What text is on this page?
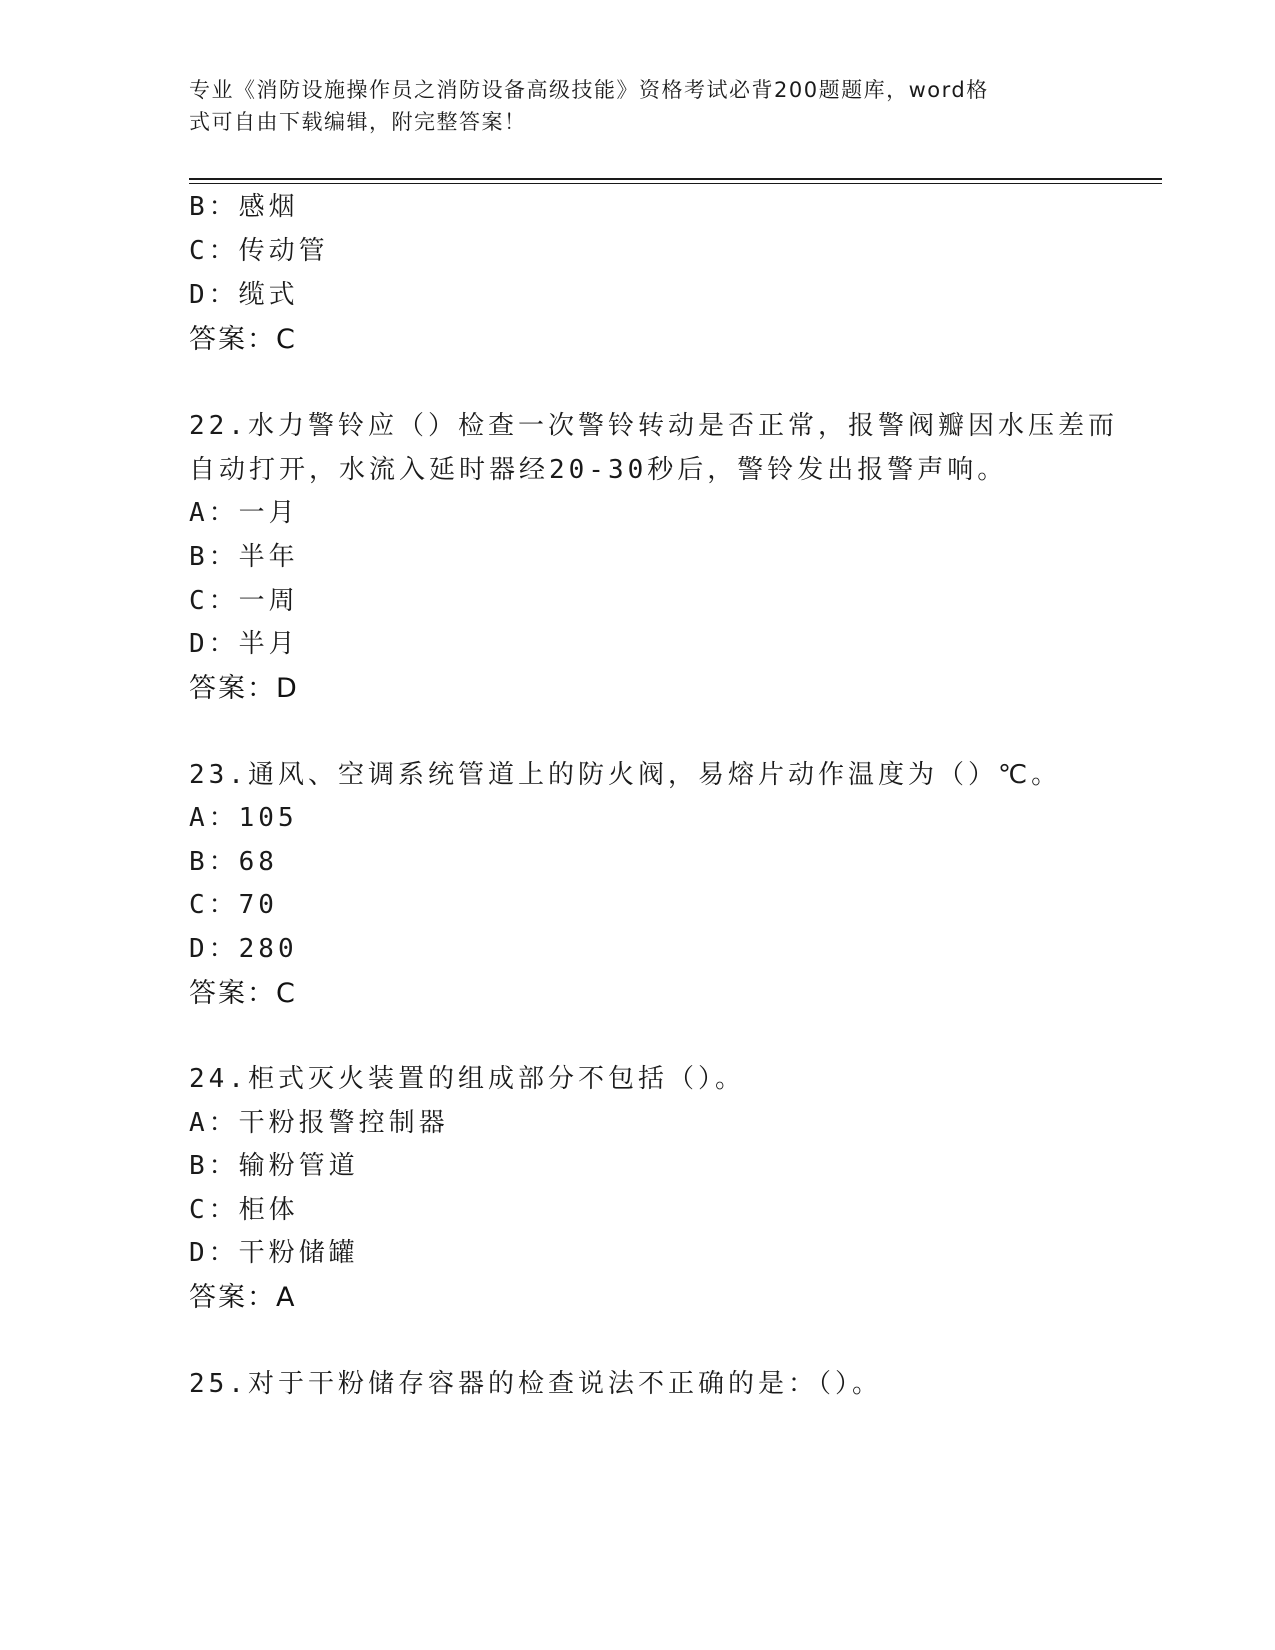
专业《消防设施操作员之消防设备高级技能》资格考试必背200题题库，word格
式可自由下载编辑，附完整答案！
B：感烟
C：传动管
D：缆式
答案：C
22.水力警铃应（）检查一次警铃转动是否正常，报警阀瓣因水压差而
自动打开，水流入延时器经20-30秒后，警铃发出报警声响。
A：一月
B：半年
C：一周
D：半月
答案：D
23.通风、空调系统管道上的防火阀，易熔片动作温度为（）℃。
A：105
B：68
C：70
D：280
答案：C
24.柜式灭火装置的组成部分不包括（）。
A：干粉报警控制器
B：输粉管道
C：柜体
D：干粉储罐
答案：A
25.对于干粉储存容器的检查说法不正确的是：（）。
